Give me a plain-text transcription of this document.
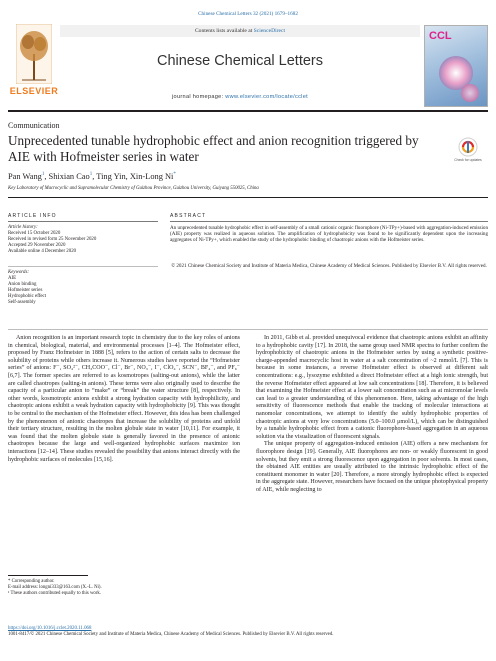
Chinese Chemical Letters 32 (2021) 1679–1682
ELSEVIER
Contents lists available at ScienceDirect
Chinese Chemical Letters
journal homepage: www.elsevier.com/locate/cclet
CCL
Communication
Unprecedented tunable hydrophobic effect and anion recognition triggered by AIE with Hofmeister series in water	Check for updates
Pan Wang$^1$, Shixian Cao$^1$, Ting Yin, Xin-Long Ni*
Key Laboratory of Macrocyclic and Supramolecular Chemistry of Guizhou Province, Guizhou University, Guiyang 550025, China
ARTICLE INFO	ABSTRACT
Article history:
Received 15 October 2020
Received in revised form 25 November 2020
Accepted 29 November 2020
Available online 4 December 2020
Keywords:
AIE
Anion binding
Hofmeister series
Hydrophobic effect
Self-assembly
An unprecedented tunable hydrophobic effect in self-assembly of a small cationic organic fluorophore (Ni-TPy+)-based with aggregation-induced emission (AIE) property was realized in aqueous solution. The amplification of hydrophobicity was found to be significantly dependent upon the increasing aggregates of Ni-TPy+, which enabled the study of the hydrophobic binding of chaotropic anions with the Hofmeister series.
© 2021 Chinese Chemical Society and Institute of Materia Medica, Chinese Academy of Medical Sciences. Published by Elsevier B.V. All rights reserved.

Anion recognition is an important research topic in chemistry due to the key roles of anions in chemical, biological, material, and environmental processes [1–4]. The Hofmeister effect, proposed by Franz Hofmeister in 1888 [5], refers to the action of certain salts to decrease the solubility of proteins while others increase it. Numerous studies have reported the “Hofmeister series” of anions: F⁻, SO₄²⁻, CH₃COO⁻, Cl⁻, Br⁻, NO₃⁻, I⁻, ClO₄⁻, SCN⁻, BF₄⁻, and PF₆⁻ [6,7]. The former species are referred to as kosmotropes (salting-out anions), while the latter are called chaotropes (salting-in anions). These terms were also originally used to describe the capacity of a particular anion to “make” or “break” the water structure [8], respectively. In other words, kosmotropic anions exhibit a strong hydration capacity with hydrophilicity, and chaotropic anions exhibit a weak hydration capacity with hydrophobicity [9]. This was thought to be central to the mechanism of the Hofmeister effect. However, this idea has been challenged by the phenomenon of anionic chaotropes that increase the solubility of proteins and unfold their tertiary structure, resulting in the molten globule state in water [10,11]. For example, it was found that the molten globule state is generally favored in the presence of anionic chaotropes because the large and well-organized hydrophobic surfaces maximize ion interactions [12–14]. These studies revealed the possibility that anions interact directly with the hydrophobic surfaces of molecules [15,16].

In 2011, Gibb et al. provided unequivocal evidence that chaotropic anions exhibit an affinity to a hydrophobic cavity [17]. In 2018, the same group used NMR spectra to further confirm the hydrophobicity of chaotropic anions in the Hofmeister series by using a synthetic positive-charge-appended macrocyclic host in water at a salt concentration of ~2 mmol/L [7]. This is because in some instances, a reverse Hofmeister effect is observed at different salt concentrations: e.g., lysozyme exhibited a direct Hofmeister effect at a high ionic strength, but the reverse Hofmeister effect appeared at low salt concentrations [18]. Therefore, it is believed that examining the Hofmeister effect at a lower salt concentration such as at micromolar levels can lead to a greater understanding of this phenomenon. Here, taking advantage of the high sensitivity of fluorescence methods that enable the tracking of molecular interactions at nanomolar concentrations, we attempt to identify the subtly hydrophobic properties of chaotropic anions at very low concentrations (5.0–100.0 μmol/L), which can be distinguished by a tunable hydrophobic effect from a cationic fluorophore-based aggregation in an aqueous solution via the visualization of fluorescent signals.

The unique property of aggregation-induced emission (AIE) offers a new mechanism for fluorophore design [19]. Generally, AIE fluorophores are non- or weakly fluorescent in good solvents, but they emit a strong fluorescence upon aggregation in poor solvents. In most cases, the obtained AIE entities are usually attributed to the intrinsic hydrophobic effect of the constituent monomer in water [20]. Therefore, a more strongly hydrophobic effect is expected in the aggregate state. However, researchers have focused on the unique photophysical property of AIE, while neglecting to

* Corresponding author.
E-mail address: longni333@163.com (X.-L. Ni).
¹ These authors contributed equally to this work.
https://doi.org/10.1016/j.cclet.2020.11.068
1001-8417/© 2021 Chinese Chemical Society and Institute of Materia Medica, Chinese Academy of Medical Sciences. Published by Elsevier B.V. All rights reserved.
